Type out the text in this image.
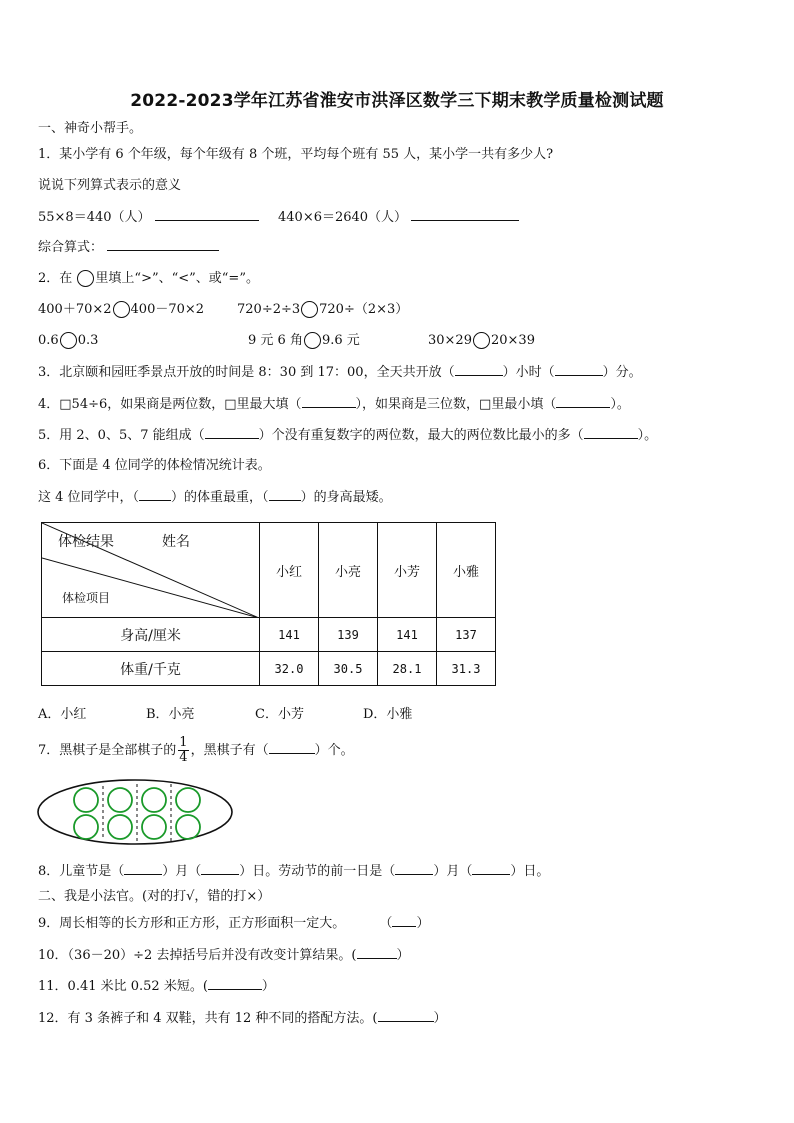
2022-2023学年江苏省淮安市洪泽区数学三下期末教学质量检测试题
一、神奇小帮手。
1．某小学有 6 个年级，每个年级有 8 个班，平均每个班有 55 人，某小学一共有多少人?
说说下列算式表示的意义
55×8＝440（人）	440×6＝2640（人）
综合算式：
2．在 里填上“>”、“<”、或“=”。
400＋70×2 400－70×2	720÷2÷3 720÷（2×3）
0.6 0.3	9 元 6 角 9.6 元	30×29 20×39
3．北京颐和园旺季景点开放的时间是 8：30 到 17：00，全天共开放（	）小时（	）分。
4．□54÷6，如果商是两位数，□里最大填（	），如果商是三位数，□里最小填（	）。
5．用 2、0、5、7 能组成（	）个没有重复数字的两位数，最大的两位数比最小的多（	）。
6．下面是 4 位同学的体检情况统计表。
这 4 位同学中，（ ）的体重最重，（ ）的身高最矮。
体检结果 姓名
体检项目	小红	小亮	小芳	小雅
身高/厘米	141	139	141	137
体重/千克	32.0	30.5	28.1	31.3
A．小红	B．小亮	C．小芳	D．小雅
7．黑棋子是全部棋子的 $\frac{1}{4}$ ，黑棋子有（	）个。
8．儿童节是（	）月（	）日。劳动节的前一日是（	）月（	）日。
二、我是小法官。(对的打√，错的打×）
9．周长相等的长方形和正方形，正方形面积一定大。	（ ）
10．（36－20）÷2 去掉括号后并没有改变计算结果。(	）
11．0.41 米比 0.52 米短。(	）
12．有 3 条裤子和 4 双鞋，共有 12 种不同的搭配方法。(	）
